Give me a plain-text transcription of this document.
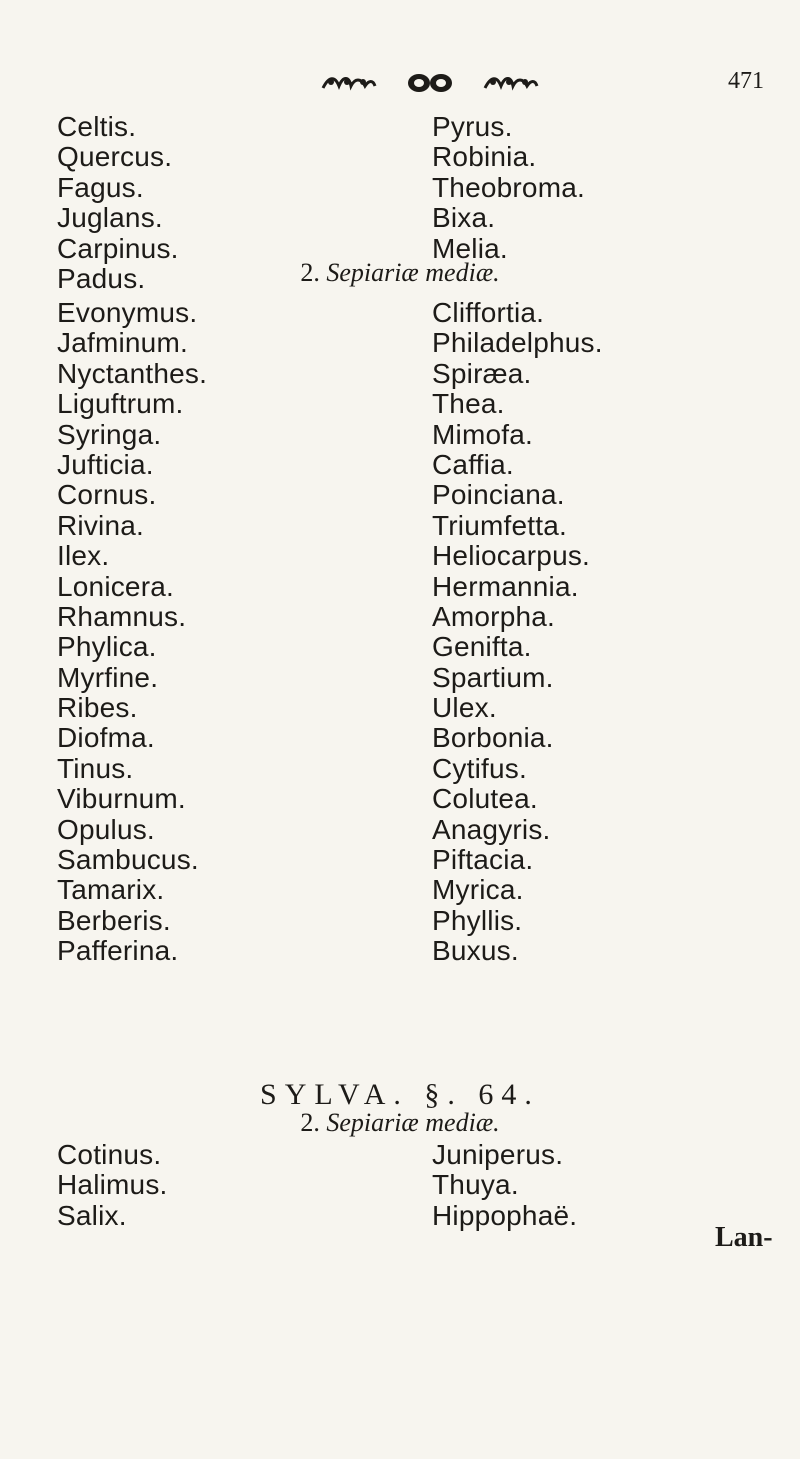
471
Celtis.
Quercus.
Fagus.
Juglans.
Carpinus.
Padus.
Pyrus.
Robinia.
Theobroma.
Bixa.
Melia.
2. Sepiariæ mediæ.
Evonymus.
Jafminum.
Nyctanthes.
Liguftrum.
Syringa.
Jufticia.
Cornus.
Rivina.
Ilex.
Lonicera.
Rhamnus.
Phylica.
Myrfine.
Ribes.
Diofma.
Tinus.
Viburnum.
Opulus.
Sambucus.
Tamarix.
Berberis.
Pafferina.
Cliffortia.
Philadelphus.
Spiræa.
Thea.
Mimofa.
Caffia.
Poinciana.
Triumfetta.
Heliocarpus.
Hermannia.
Amorpha.
Genifta.
Spartium.
Ulex.
Borbonia.
Cytifus.
Colutea.
Anagyris.
Piftacia.
Myrica.
Phyllis.
Buxus.
SYLVA. §. 64.
2. Sepiariæ mediæ.
Cotinus.
Halimus.
Salix.
Juniperus.
Thuya.
Hippophaë.
Lan-
